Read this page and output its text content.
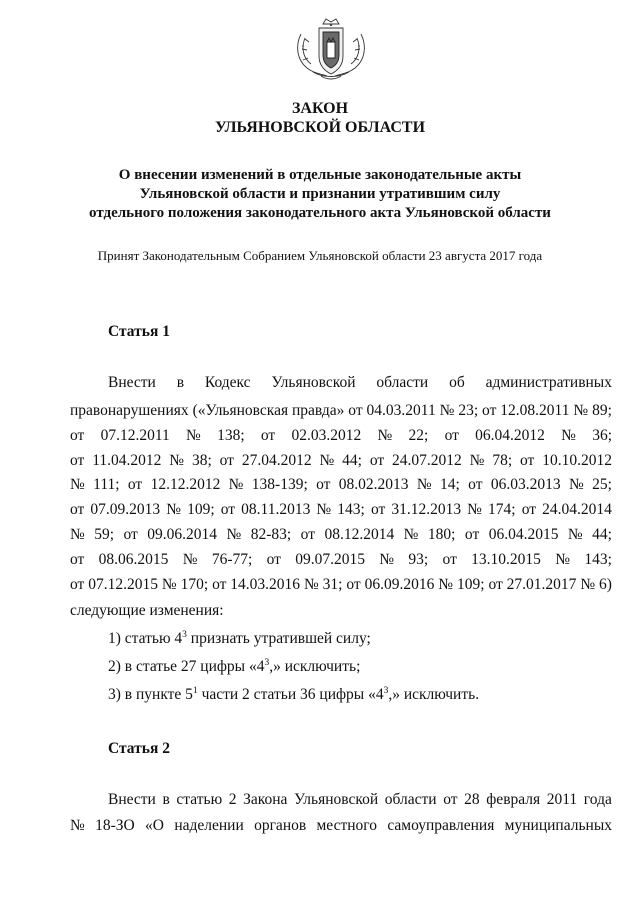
ЗАКОН
УЛЬЯНОВСКОЙ ОБЛАСТИ
О внесении изменений в отдельные законодательные акты
Ульяновской области и признании утратившим силу
отдельного положения законодательного акта Ульяновской области
Принят Законодательным Собранием Ульяновской области 23 августа 2017 года
Статья 1
Внести в Кодекс Ульяновской области об административных
правонарушениях («Ульяновская правда» от 04.03.2011 № 23; от 12.08.2011 № 89;
от 07.12.2011 № 138; от 02.03.2012 № 22; от 06.04.2012 № 36;
от 11.04.2012 № 38; от 27.04.2012 № 44; от 24.07.2012 № 78; от 10.10.2012
№ 111; от 12.12.2012 № 138-139; от 08.02.2013 № 14; от 06.03.2013 № 25;
от 07.09.2013 № 109; от 08.11.2013 № 143; от 31.12.2013 № 174; от 24.04.2014
№ 59; от 09.06.2014 № 82-83; от 08.12.2014 № 180; от 06.04.2015 № 44;
от 08.06.2015 № 76-77; от 09.07.2015 № 93; от 13.10.2015 № 143;
от 07.12.2015 № 170; от 14.03.2016 № 31; от 06.09.2016 № 109; от 27.01.2017 № 6)
следующие изменения:
1) статью $4^3$ признать утратившей силу;
2) в статье 27 цифры «$4^3$,» исключить;
3) в пункте $5^1$ части 2 статьи 36 цифры «$4^3$,» исключить.
Статья 2
Внести в статью 2 Закона Ульяновской области от 28 февраля 2011 года
№ 18-ЗО «О наделении органов местного самоуправления муниципальных
